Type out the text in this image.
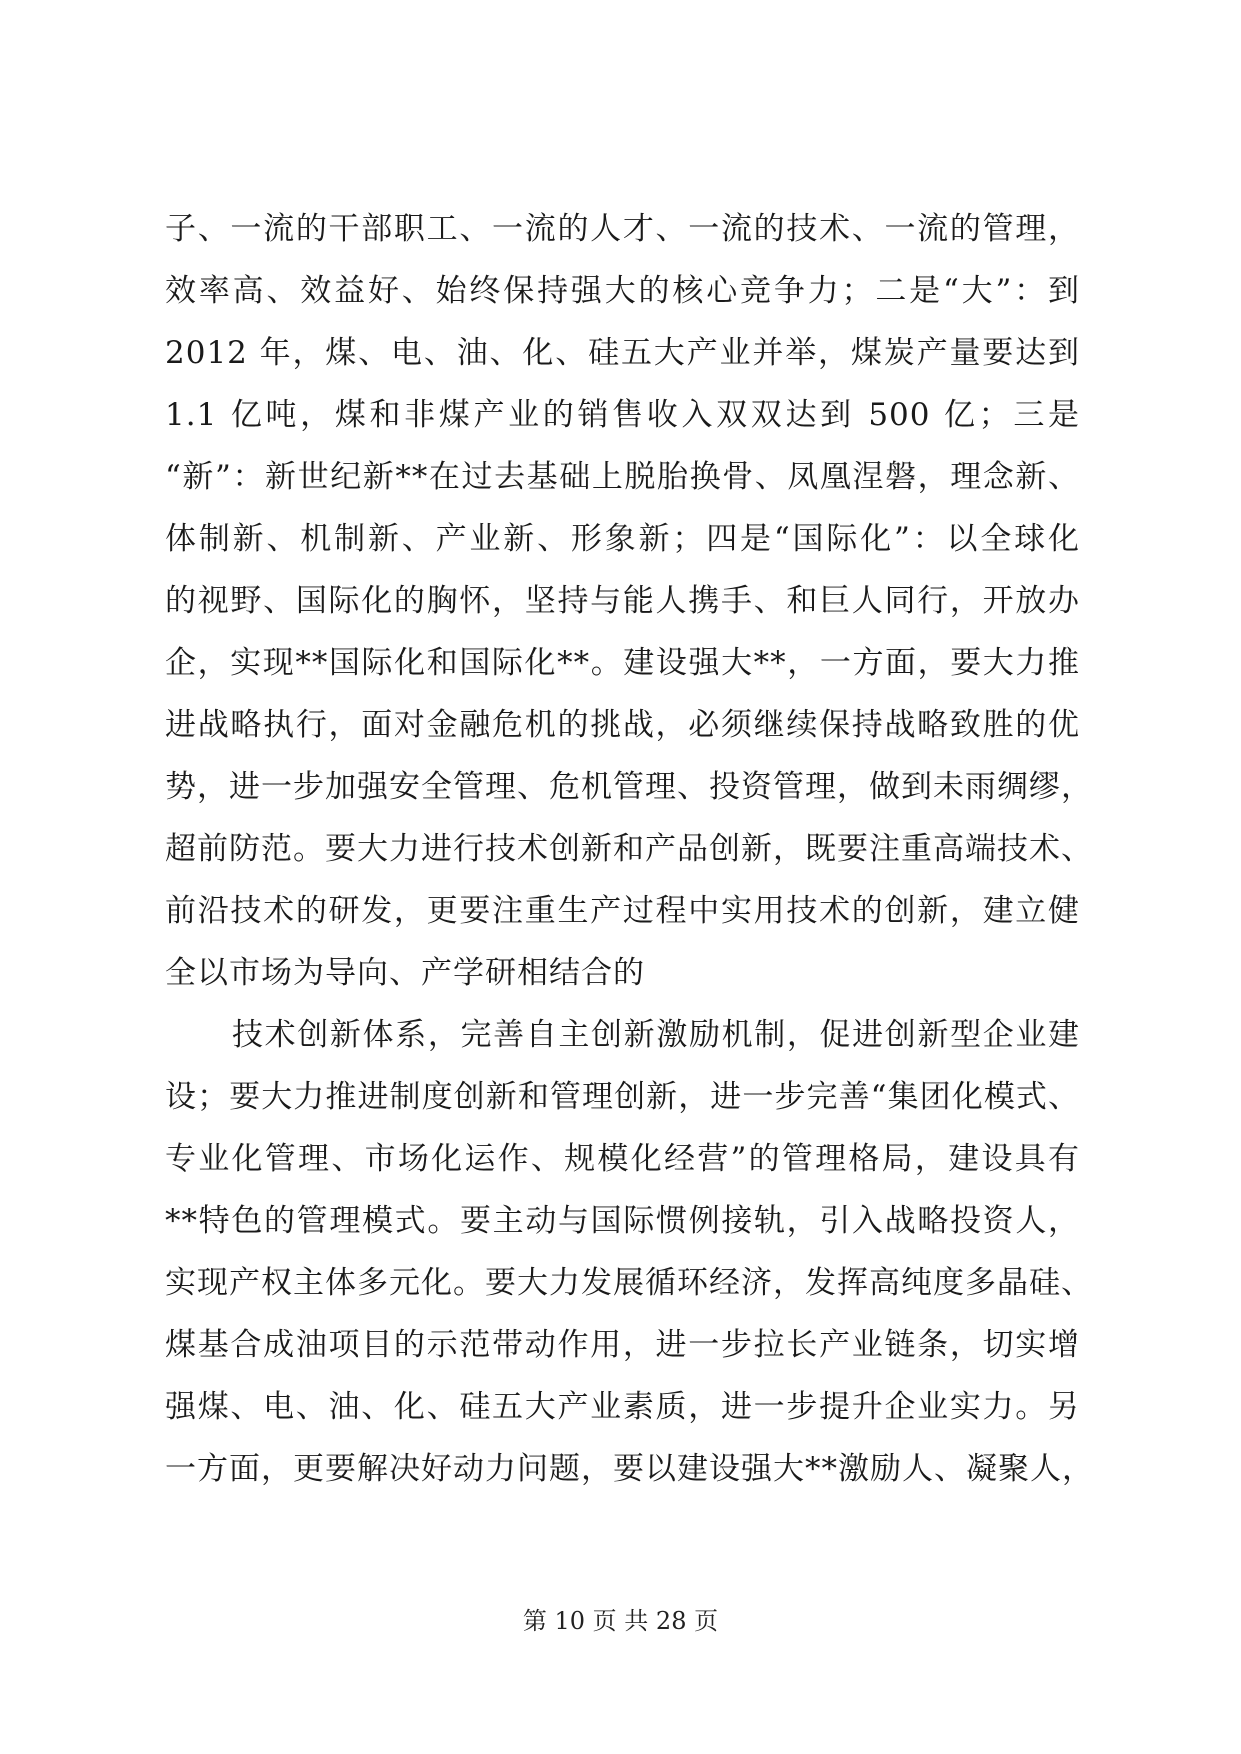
子、一流的干部职工、一流的人才、一流的技术、一流的管理，
效率高、效益好、始终保持强大的核心竞争力；二是“大”：到
2012 年，煤、电、油、化、硅五大产业并举，煤炭产量要达到
1.1 亿吨，煤和非煤产业的销售收入双双达到 500 亿；三是
“新”：新世纪新**在过去基础上脱胎换骨、凤凰涅磐，理念新、
体制新、机制新、产业新、形象新；四是“国际化”：以全球化
的视野、国际化的胸怀，坚持与能人携手、和巨人同行，开放办
企，实现**国际化和国际化**。建设强大**，一方面，要大力推
进战略执行，面对金融危机的挑战，必须继续保持战略致胜的优
势，进一步加强安全管理、危机管理、投资管理，做到未雨绸缪，
超前防范。要大力进行技术创新和产品创新，既要注重高端技术、
前沿技术的研发，更要注重生产过程中实用技术的创新，建立健
全以市场为导向、产学研相结合的
技术创新体系，完善自主创新激励机制，促进创新型企业建
设；要大力推进制度创新和管理创新，进一步完善“集团化模式、
专业化管理、市场化运作、规模化经营”的管理格局，建设具有
**特色的管理模式。要主动与国际惯例接轨，引入战略投资人，
实现产权主体多元化。要大力发展循环经济，发挥高纯度多晶硅、
煤基合成油项目的示范带动作用，进一步拉长产业链条，切实增
强煤、电、油、化、硅五大产业素质，进一步提升企业实力。另
一方面，更要解决好动力问题，要以建设强大**激励人、凝聚人，
第 10 页 共 28 页
